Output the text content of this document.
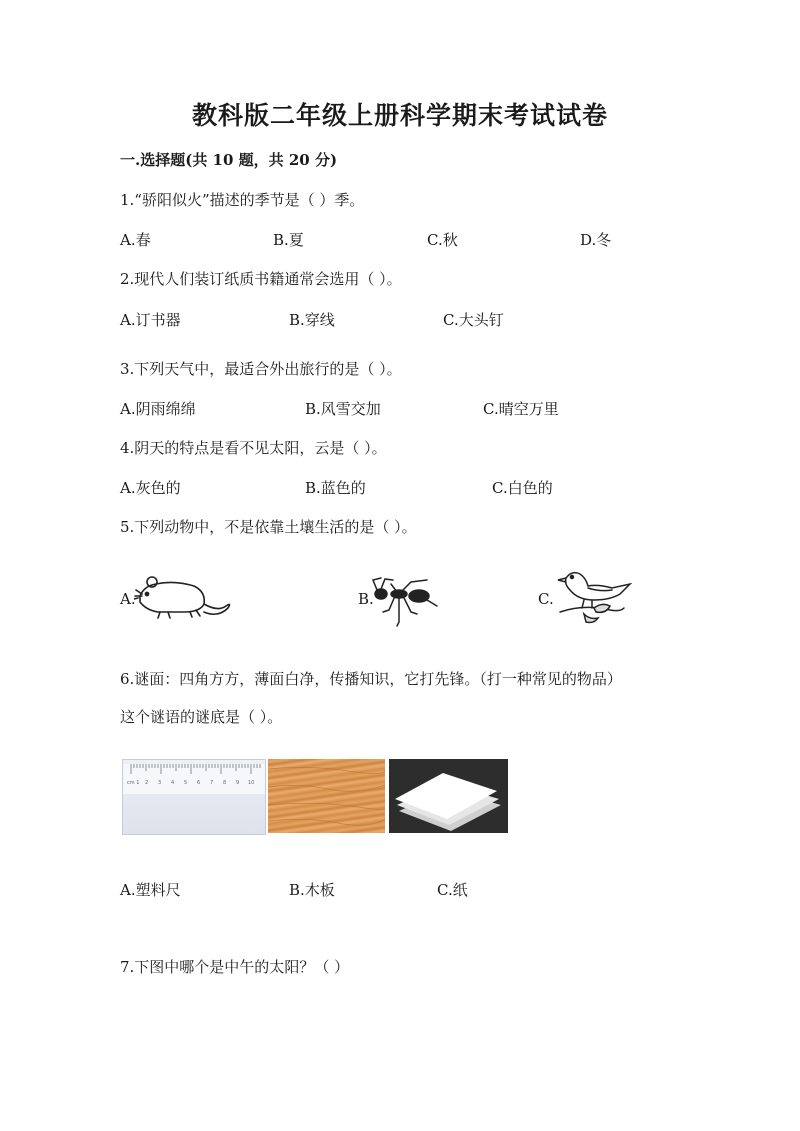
教科版二年级上册科学期末考试试卷
一.选择题(共 10 题，共 20 分)
1.“骄阳似火”描述的季节是（ ）季。
A.春	B.夏	C.秋	D.冬
2.现代人们装订纸质书籍通常会选用（ ）。
A.订书器	B.穿线	C.大头钉
3.下列天气中，最适合外出旅行的是（ ）。
A.阴雨绵绵	B.风雪交加	C.晴空万里
4.阴天的特点是看不见太阳，云是（ ）。
A.灰色的	B.蓝色的	C.白色的
5.下列动物中，不是依靠土壤生活的是（ ）。
A.	B.	C.
6.谜面：四角方方，薄面白净，传播知识，它打先锋。（打一种常见的物品）
这个谜语的谜底是（ ）。
cm 1 2 3 4 5 6 7 8 9 10
A.塑料尺	B.木板	C.纸
7.下图中哪个是中午的太阳？（ ）
